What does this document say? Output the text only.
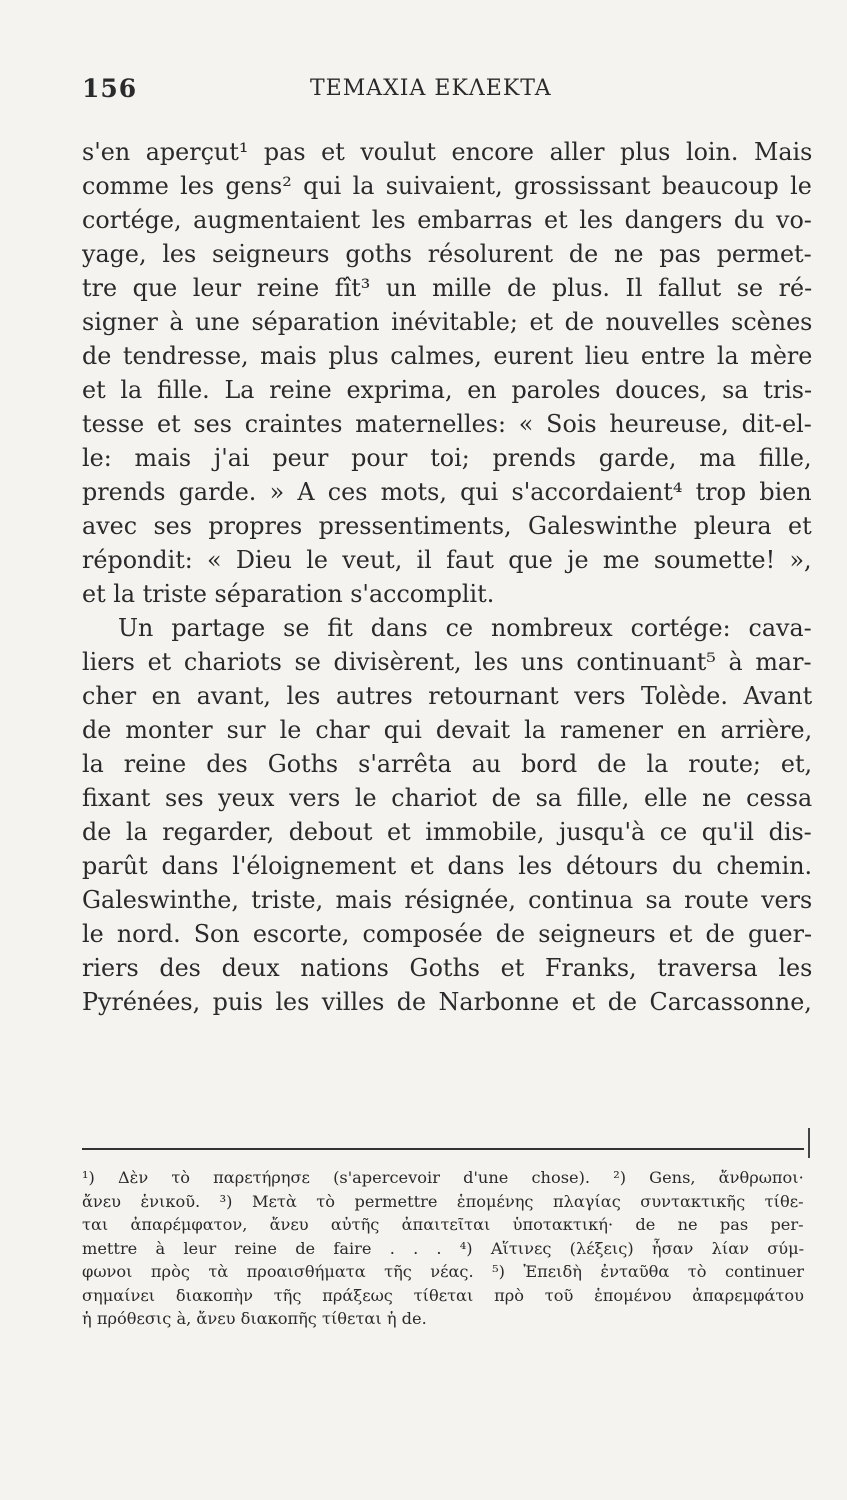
156	TEMAXIA EKΛEKTA
s'en aperçut¹ pas et voulut encore aller plus loin. Mais
comme les gens² qui la suivaient, grossissant beaucoup le
cortége, augmentaient les embarras et les dangers du vo-
yage, les seigneurs goths résolurent de ne pas permet-
tre que leur reine fît³ un mille de plus. Il fallut se ré-
signer à une séparation inévitable; et de nouvelles scènes
de tendresse, mais plus calmes, eurent lieu entre la mère
et la fille. La reine exprima, en paroles douces, sa tris-
tesse et ses craintes maternelles: « Sois heureuse, dit-el-
le: mais j'ai peur pour toi; prends garde, ma fille,
prends garde. » A ces mots, qui s'accordaient⁴ trop bien
avec ses propres pressentiments, Galeswinthe pleura et
répondit: « Dieu le veut, il faut que je me soumette! »,
et la triste séparation s'accomplit.
Un partage se fit dans ce nombreux cortége: cava-
liers et chariots se divisèrent, les uns continuant⁵ à mar-
cher en avant, les autres retournant vers Tolède. Avant
de monter sur le char qui devait la ramener en arrière,
la reine des Goths s'arrêta au bord de la route; et,
fixant ses yeux vers le chariot de sa fille, elle ne cessa
de la regarder, debout et immobile, jusqu'à ce qu'il dis-
parût dans l'éloignement et dans les détours du chemin.
Galeswinthe, triste, mais résignée, continua sa route vers
le nord. Son escorte, composée de seigneurs et de guer-
riers des deux nations Goths et Franks, traversa les
Pyrénées, puis les villes de Narbonne et de Carcassonne,
¹) Δὲν τὸ παρετήρησε (s'apercevoir d'une chose). ²) Gens, ἄνθρωποι·
ἄνευ ἑνικοῦ. ³) Μετὰ τὸ permettre ἑπομένης πλαγίας συντακτικῆς τίθε-
ται ἀπαρέμφατον, ἄνευ αὐτῆς ἀπαιτεῖται ὑποτακτική· de ne pas per-
mettre à leur reine de faire . . . ⁴) Αἵτινες (λέξεις) ἦσαν λίαν σύμ-
φωνοι πρὸς τὰ προαισθήματα τῆς νέας. ⁵) Ἐπειδὴ ἐνταῦθα τὸ continuer
σημαίνει διακοπὴν τῆς πράξεως τίθεται πρὸ τοῦ ἑπομένου ἀπαρεμφάτου
ἡ πρόθεσις à, ἄνευ διακοπῆς τίθεται ἡ de.
